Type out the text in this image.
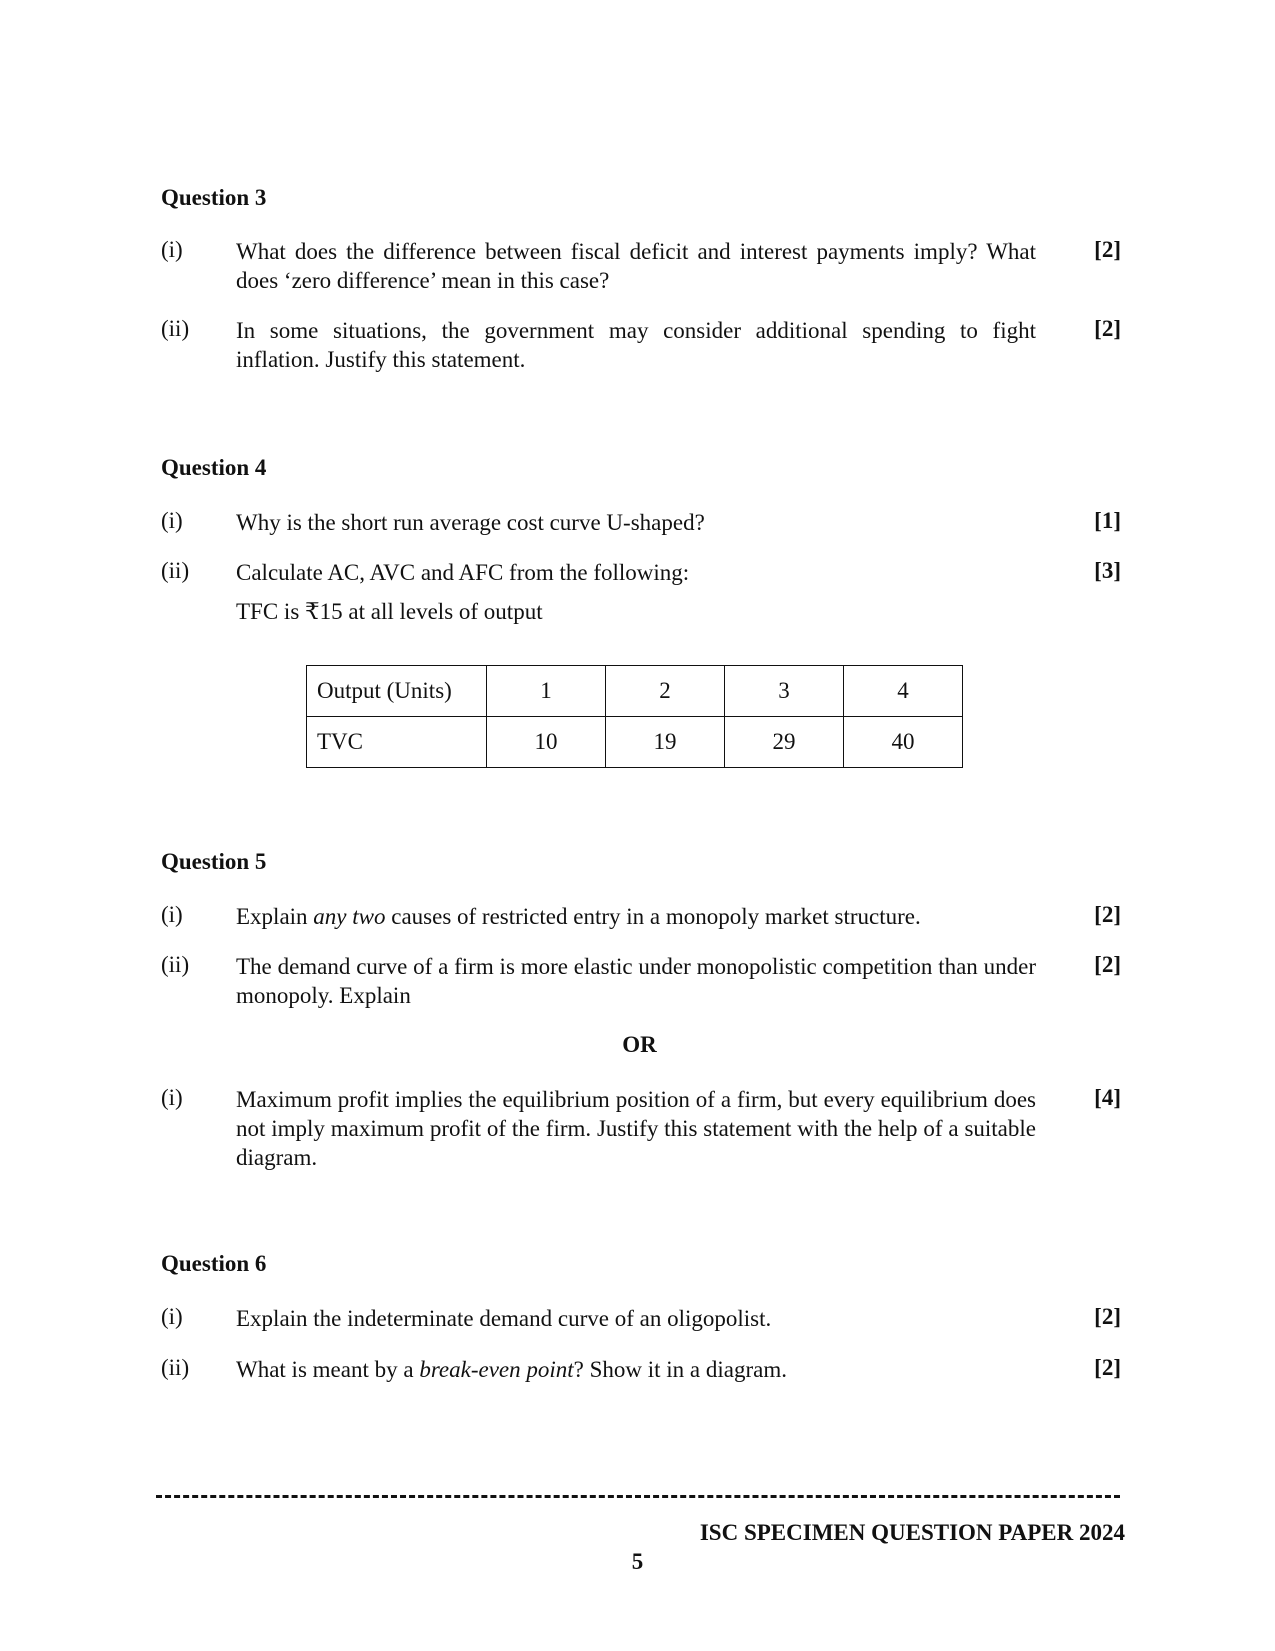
Question 3
(i) What does the difference between fiscal deficit and interest payments imply? What does ‘zero difference’ mean in this case?
[2]
(ii) In some situations, the government may consider additional spending to fight inflation. Justify this statement.
[2]
Question 4
(i) Why is the short run average cost curve U-shaped?	[1]
(ii) Calculate AC, AVC and AFC from the following:	[3]
TFC is ₹15 at all levels of output
Output (Units)	1	2	3	4
TVC	10	19	29	40
Question 5
(i) Explain any two causes of restricted entry in a monopoly market structure.	[2]
(ii) The demand curve of a firm is more elastic under monopolistic competition than under monopoly. Explain
[2]
OR
(i) Maximum profit implies the equilibrium position of a firm, but every equilibrium does not imply maximum profit of the firm. Justify this statement with the help of a suitable diagram.
[4]
Question 6
(i) Explain the indeterminate demand curve of an oligopolist.	[2]
(ii) What is meant by a break-even point? Show it in a diagram.	[2]
ISC SPECIMEN QUESTION PAPER 2024
5
